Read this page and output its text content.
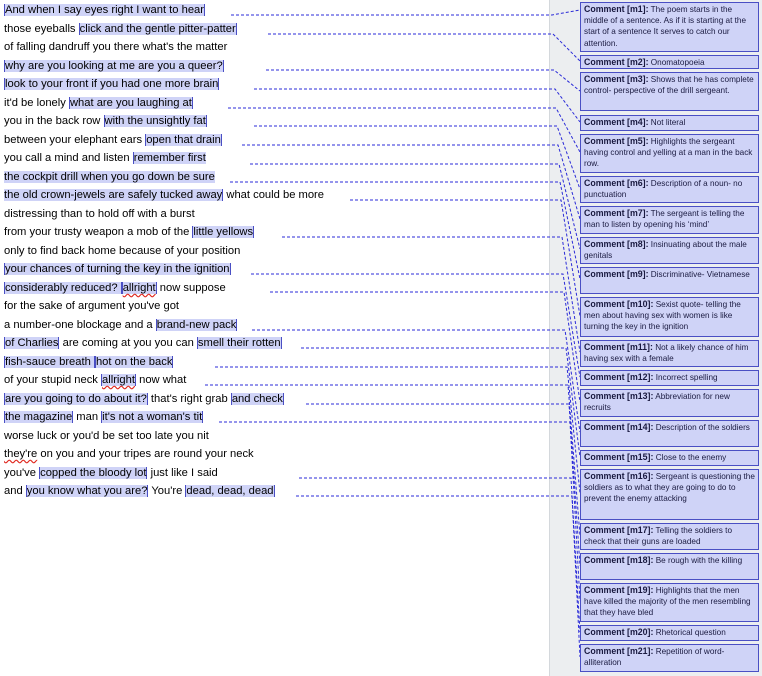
And when I say eyes right I want to hear
those eyeballs click and the gentle pitter-patter
of falling dandruff you there what's the matter
why are you looking at me are you a queer?
look to your front if you had one more brain
it'd be lonely what are you laughing at
you in the back row with the unsightly fat
between your elephant ears open that drain
you call a mind and listen remember first
the cockpit drill when you go down be sure
the old crown-jewels are safely tucked away what could be more
distressing than to hold off with a burst
from your trusty weapon a mob of the little yellows
only to find back home because of your position
your chances of turning the key in the ignition
considerably reduced? allright now suppose
for the sake of argument you've got
a number-one blockage and a brand-new pack
of Charlies are coming at you you can smell their rotten
fish-sauce breath hot on the back
of your stupid neck allright now what
are you going to do about it? that's right grab and check
the magazine man it's not a woman's tit
worse luck or you'd be set too late you nit
they're on you and your tripes are round your neck
you've copped the bloody lot just like I said
and you know what you are? You're dead, dead, dead
Comment [m1]: The poem starts in the middle of a sentence. As if it is starting at the start of a sentence It serves to catch our attention.
Comment [m2]: Onomatopoeia
Comment [m3]: Shows that he has complete control- perspective of the drill sergeant.
Comment [m4]: Not literal
Comment [m5]: Highlights the sergeant having control and yelling at a man in the back row.
Comment [m6]: Description of a noun- no punctuation
Comment [m7]: The sergeant is telling the man to listen by opening his ‘mind’
Comment [m8]: Insinuating about the male genitals
Comment [m9]: Discriminative- Vietnamese
Comment [m10]: Sexist quote- telling the men about having sex with women is like turning the key in the ignition
Comment [m11]: Not a likely chance of him having sex with a female
Comment [m12]: Incorrect spelling
Comment [m13]: Abbreviation for new recruits
Comment [m14]: Description of the soldiers
Comment [m15]: Close to the enemy
Comment [m16]: Sergeant is questioning the soldiers as to what they are going to do to prevent the enemy attacking
Comment [m17]: Telling the soldiers to check that their guns are loaded
Comment [m18]: Be rough with the killing
Comment [m19]: Highlights that the men have killed the majority of the men resembling that they have bled
Comment [m20]: Rhetorical question
Comment [m21]: Repetition of word- alliteration
